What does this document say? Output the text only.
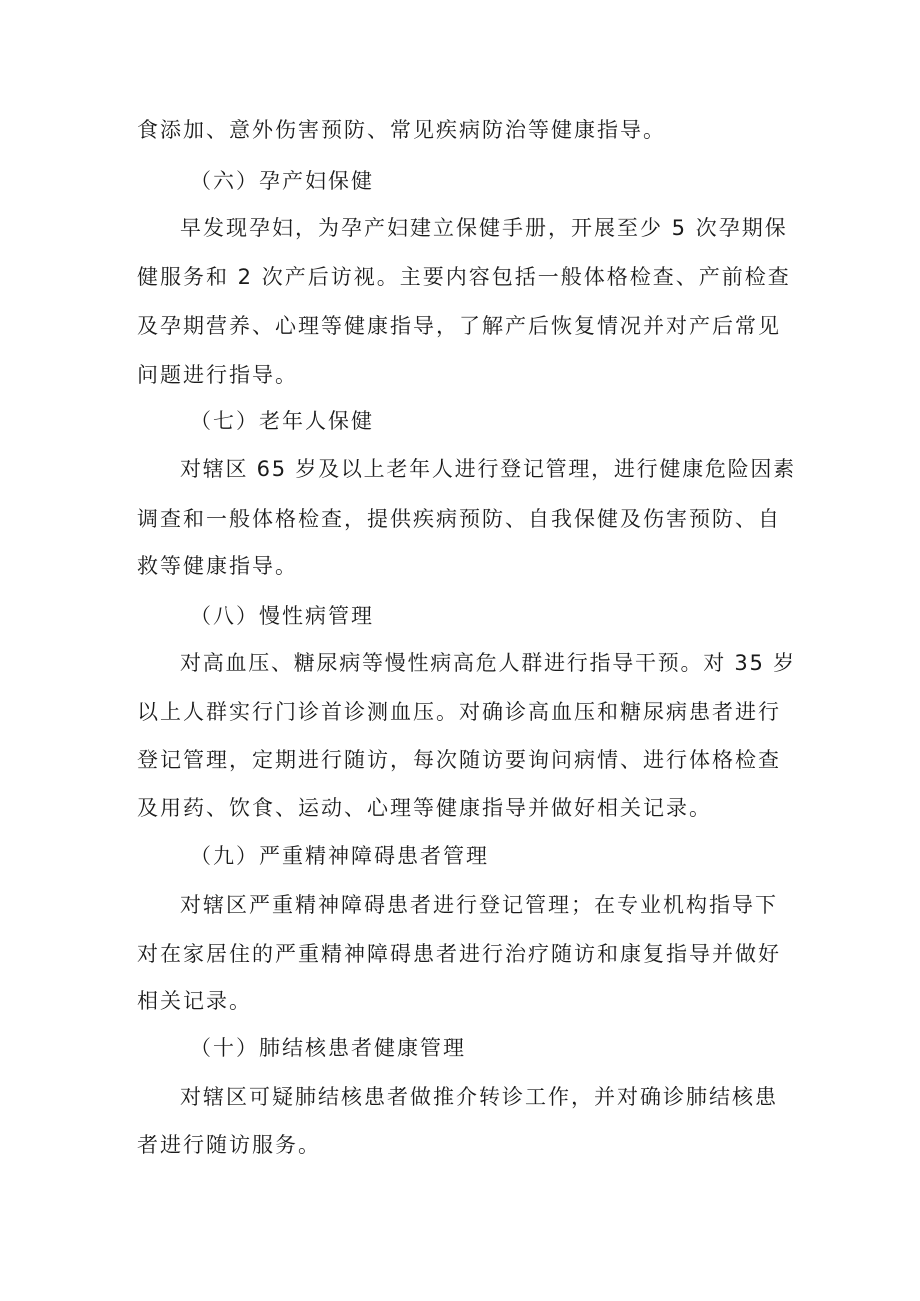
食添加、意外伤害预防、常见疾病防治等健康指导。
（六）孕产妇保健
早发现孕妇，为孕产妇建立保健手册，开展至少 5 次孕期保
健服务和 2 次产后访视。主要内容包括一般体格检查、产前检查
及孕期营养、心理等健康指导，了解产后恢复情况并对产后常见
问题进行指导。
（七）老年人保健
对辖区 65 岁及以上老年人进行登记管理，进行健康危险因素
调查和一般体格检查，提供疾病预防、自我保健及伤害预防、自
救等健康指导。
（八）慢性病管理
对高血压、糖尿病等慢性病高危人群进行指导干预。对 35 岁
以上人群实行门诊首诊测血压。对确诊高血压和糖尿病患者进行
登记管理，定期进行随访，每次随访要询问病情、进行体格检查
及用药、饮食、运动、心理等健康指导并做好相关记录。
（九）严重精神障碍患者管理
对辖区严重精神障碍患者进行登记管理；在专业机构指导下
对在家居住的严重精神障碍患者进行治疗随访和康复指导并做好
相关记录。
（十）肺结核患者健康管理
对辖区可疑肺结核患者做推介转诊工作，并对确诊肺结核患
者进行随访服务。
